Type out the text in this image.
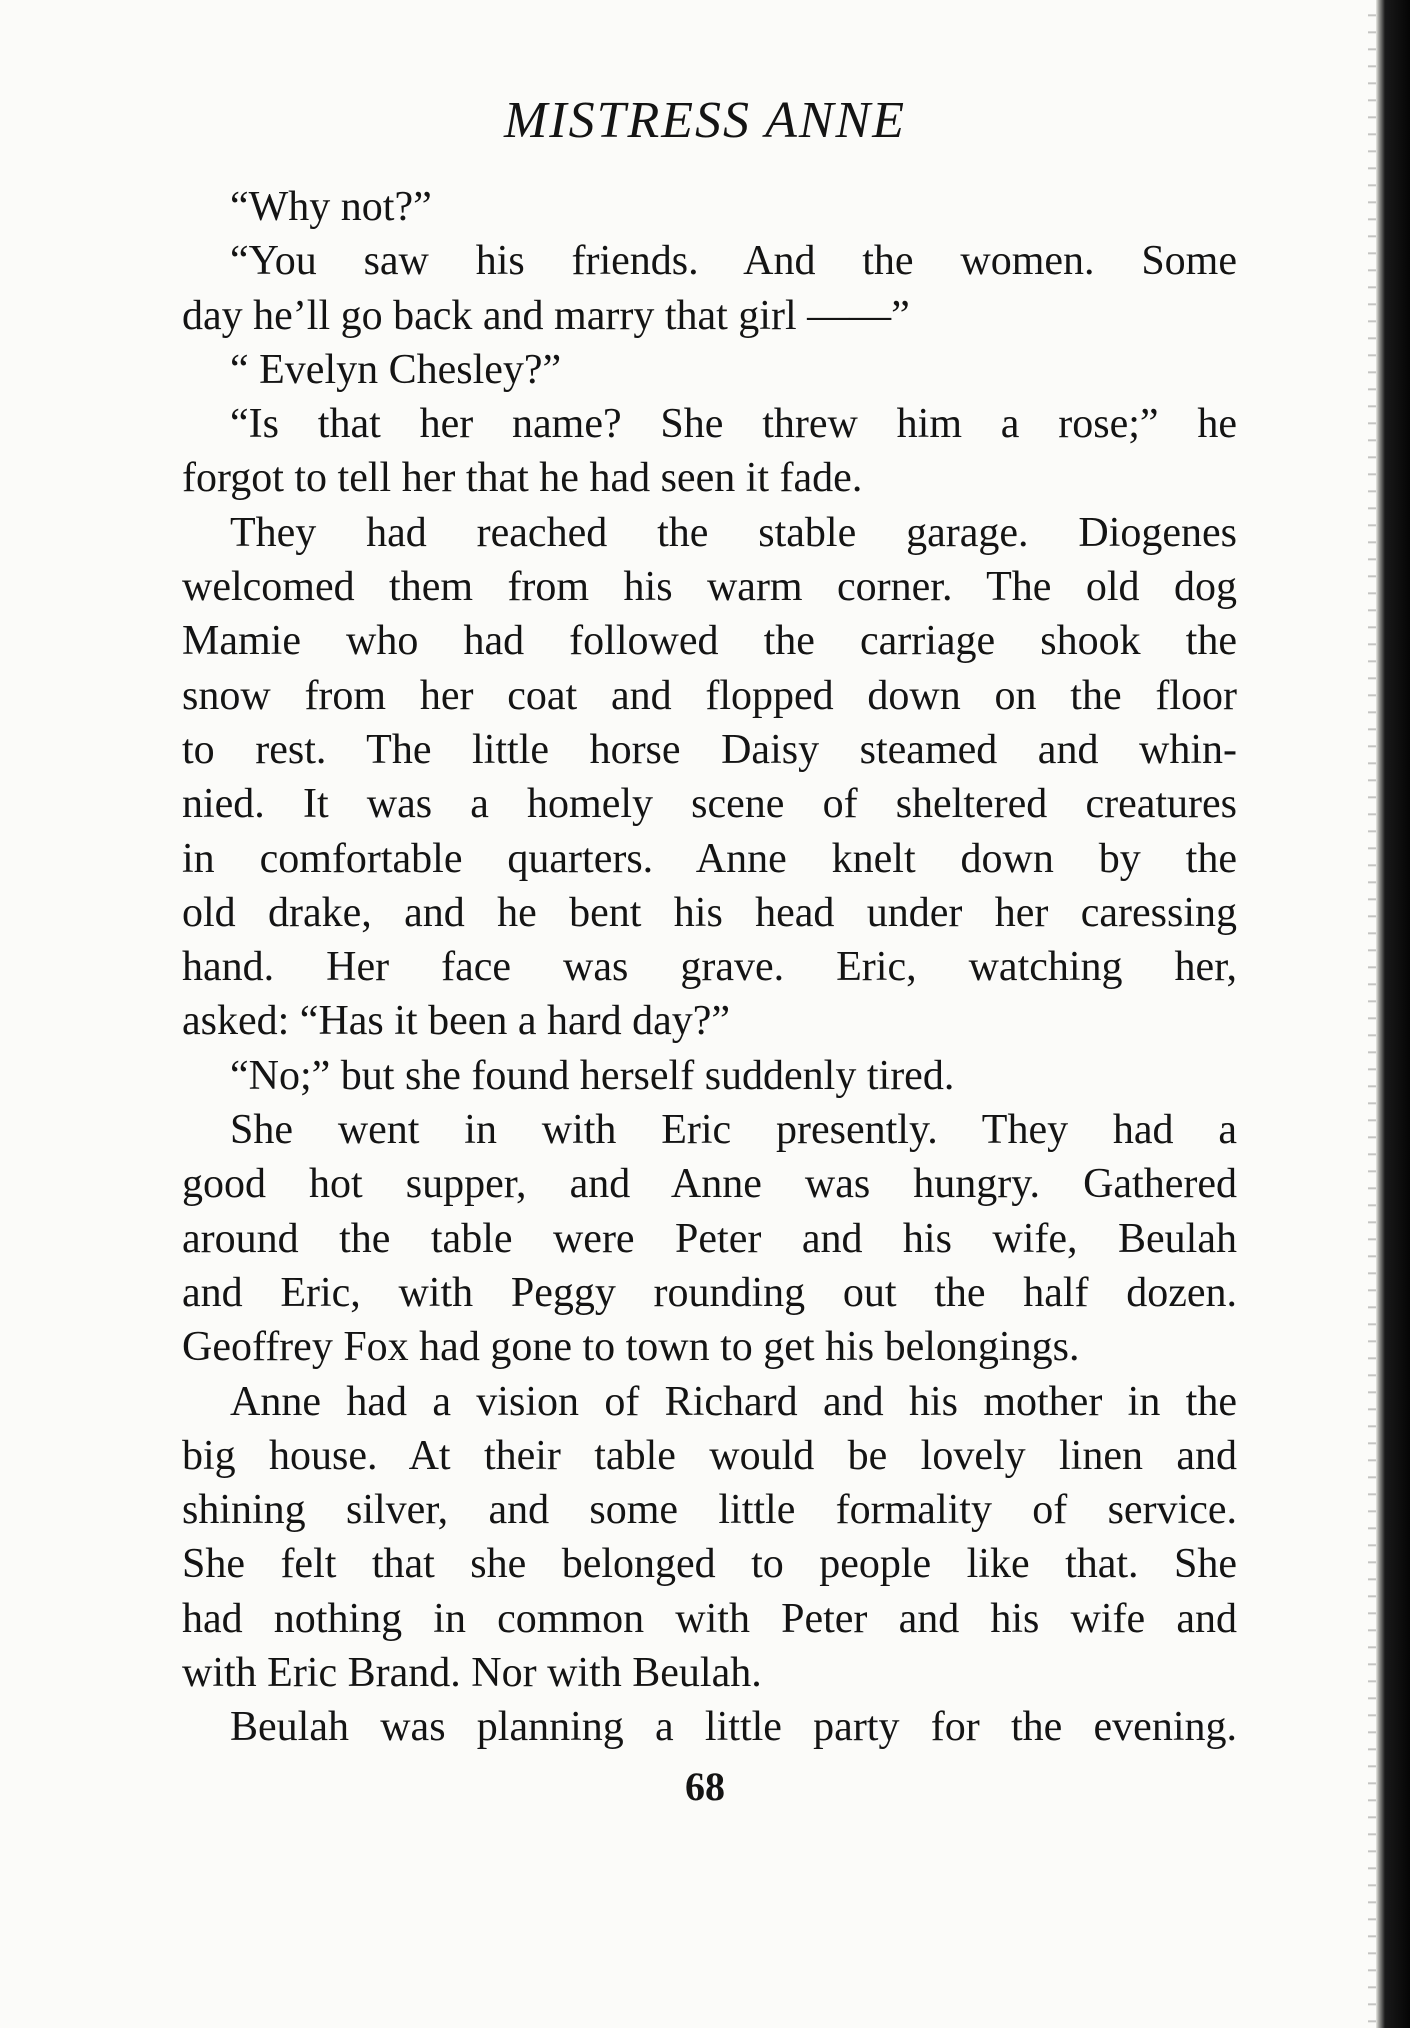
MISTRESS ANNE
“Why not?”
“You saw his friends. And the women. Some
day he’ll go back and marry that girl ——”
“ Evelyn Chesley?”
“Is that her name? She threw him a rose;” he
forgot to tell her that he had seen it fade.
They had reached the stable garage. Diogenes
welcomed them from his warm corner. The old dog
Mamie who had followed the carriage shook the
snow from her coat and flopped down on the floor
to rest. The little horse Daisy steamed and whin-
nied. It was a homely scene of sheltered creatures
in comfortable quarters. Anne knelt down by the
old drake, and he bent his head under her caressing
hand. Her face was grave. Eric, watching her,
asked: “Has it been a hard day?”
“No;” but she found herself suddenly tired.
She went in with Eric presently. They had a
good hot supper, and Anne was hungry. Gathered
around the table were Peter and his wife, Beulah
and Eric, with Peggy rounding out the half dozen.
Geoffrey Fox had gone to town to get his belongings.
Anne had a vision of Richard and his mother in the
big house. At their table would be lovely linen and
shining silver, and some little formality of service.
She felt that she belonged to people like that. She
had nothing in common with Peter and his wife and
with Eric Brand. Nor with Beulah.
Beulah was planning a little party for the evening.
68
